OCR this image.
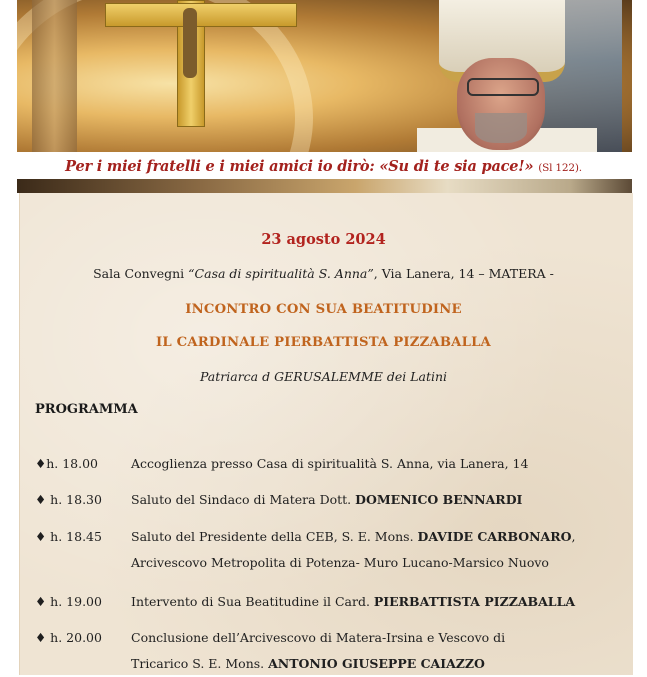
Per i miei fratelli e i miei amici io dirò: «Su di te sia pace!» (Sl 122).
23 agosto 2024
Sala Convegni “Casa di spiritualità S. Anna”, Via Lanera, 14 – MATERA -
INCONTRO CON SUA BEATITUDINE
IL CARDINALE PIERBATTISTA PIZZABALLA
Patriarca d GERUSALEMME dei Latini
PROGRAMMA
♦h. 18.00	Accoglienza presso Casa di spiritualità S. Anna, via Lanera, 14
♦ h. 18.30	Saluto del Sindaco di Matera Dott. DOMENICO BENNARDI
♦ h. 18.45	Saluto del Presidente della CEB, S. E. Mons. DAVIDE CARBONARO,
Arcivescovo Metropolita di Potenza- Muro Lucano-Marsico Nuovo
♦ h. 19.00	Intervento di Sua Beatitudine il Card. PIERBATTISTA PIZZABALLA
♦ h. 20.00	Conclusione dell’Arcivescovo di Matera-Irsina e Vescovo di
Tricarico S. E. Mons. ANTONIO GIUSEPPE CAIAZZO
